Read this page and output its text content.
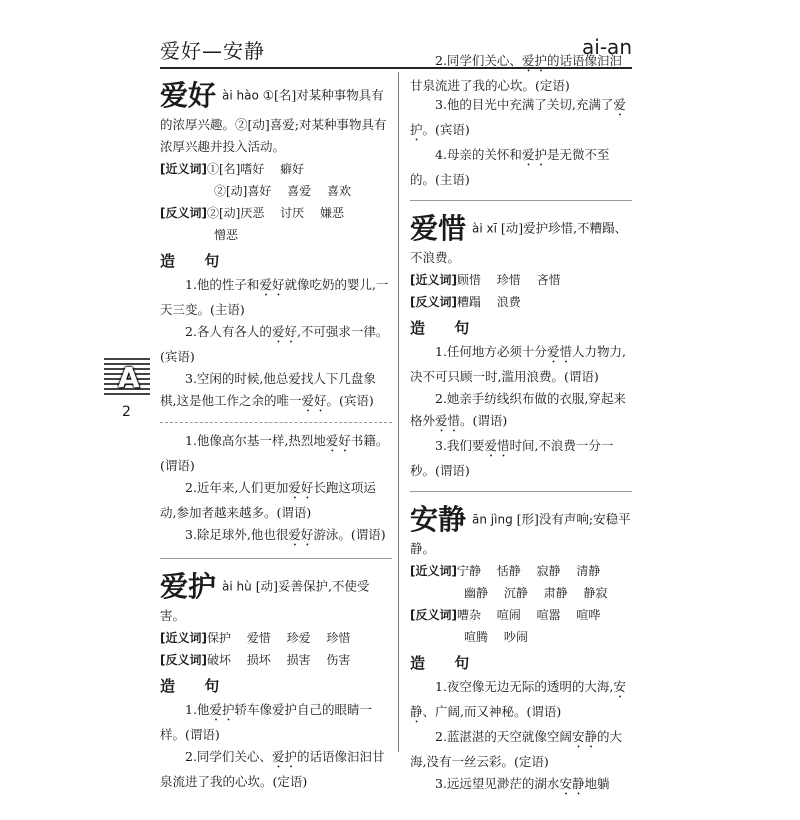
爱好—安静	ai-an
A
2

爱好 ài hào ①[名]对某种事物具有的浓厚兴趣。②[动]喜爱;对某种事物具有浓厚兴趣并投入活动。

[近义词]①[名]嗜好　 癖好

②[动]喜好　 喜爱　 喜欢

[反义词]②[动]厌恶　 讨厌　 嫌恶

憎恶

造 句

1.他的性子和爱好就像吃奶的婴儿,一天三变。(主语)

2.各人有各人的爱好,不可强求一律。(宾语)

3.空闲的时候,他总爱找人下几盘象棋,这是他工作之余的唯一爱好。(宾语)

1.他像高尔基一样,热烈地爱好书籍。(谓语)

2.近年来,人们更加爱好长跑这项运动,参加者越来越多。(谓语)

3.除足球外,他也很爱好游泳。(谓语)

爱护 ài hù [动]妥善保护,不使受害。

[近义词]保护　 爱惜　 珍爱　 珍惜

[反义词]破坏　 损坏　 损害　 伤害

造 句

1.他爱护轿车像爱护自己的眼睛一样。(谓语)

2.同学们关心、爱护的话语像汩汩甘泉流进了我的心坎。(定语)

2.同学们关心、爱护的话语像汩汩甘泉流进了我的心坎。(定语)

3.他的目光中充满了关切,充满了爱护。(宾语)

4.母亲的关怀和爱护是无微不至的。(主语)

爱惜 ài xī [动]爱护珍惜,不糟蹋、不浪费。

[近义词]顾惜　 珍惜　 吝惜

[反义词]糟蹋　 浪费

造 句

1.任何地方必须十分爱惜人力物力,决不可只顾一时,滥用浪费。(谓语)

2.她亲手纺线织布做的衣服,穿起来格外爱惜。(谓语)

3.我们要爱惜时间,不浪费一分一秒。(谓语)

安静 ān jìng [形]没有声响;安稳平静。

[近义词]宁静　 恬静　 寂静　 清静

幽静　 沉静　 肃静　 静寂

[反义词]嘈杂　 喧闹　 喧嚣　 喧哗

喧腾　 吵闹

造 句

1.夜空像无边无际的透明的大海,安静、广阔,而又神秘。(谓语)

2.蓝湛湛的天空就像空阔安静的大海,没有一丝云彩。(定语)

3.远远望见渺茫的湖水安静地躺
